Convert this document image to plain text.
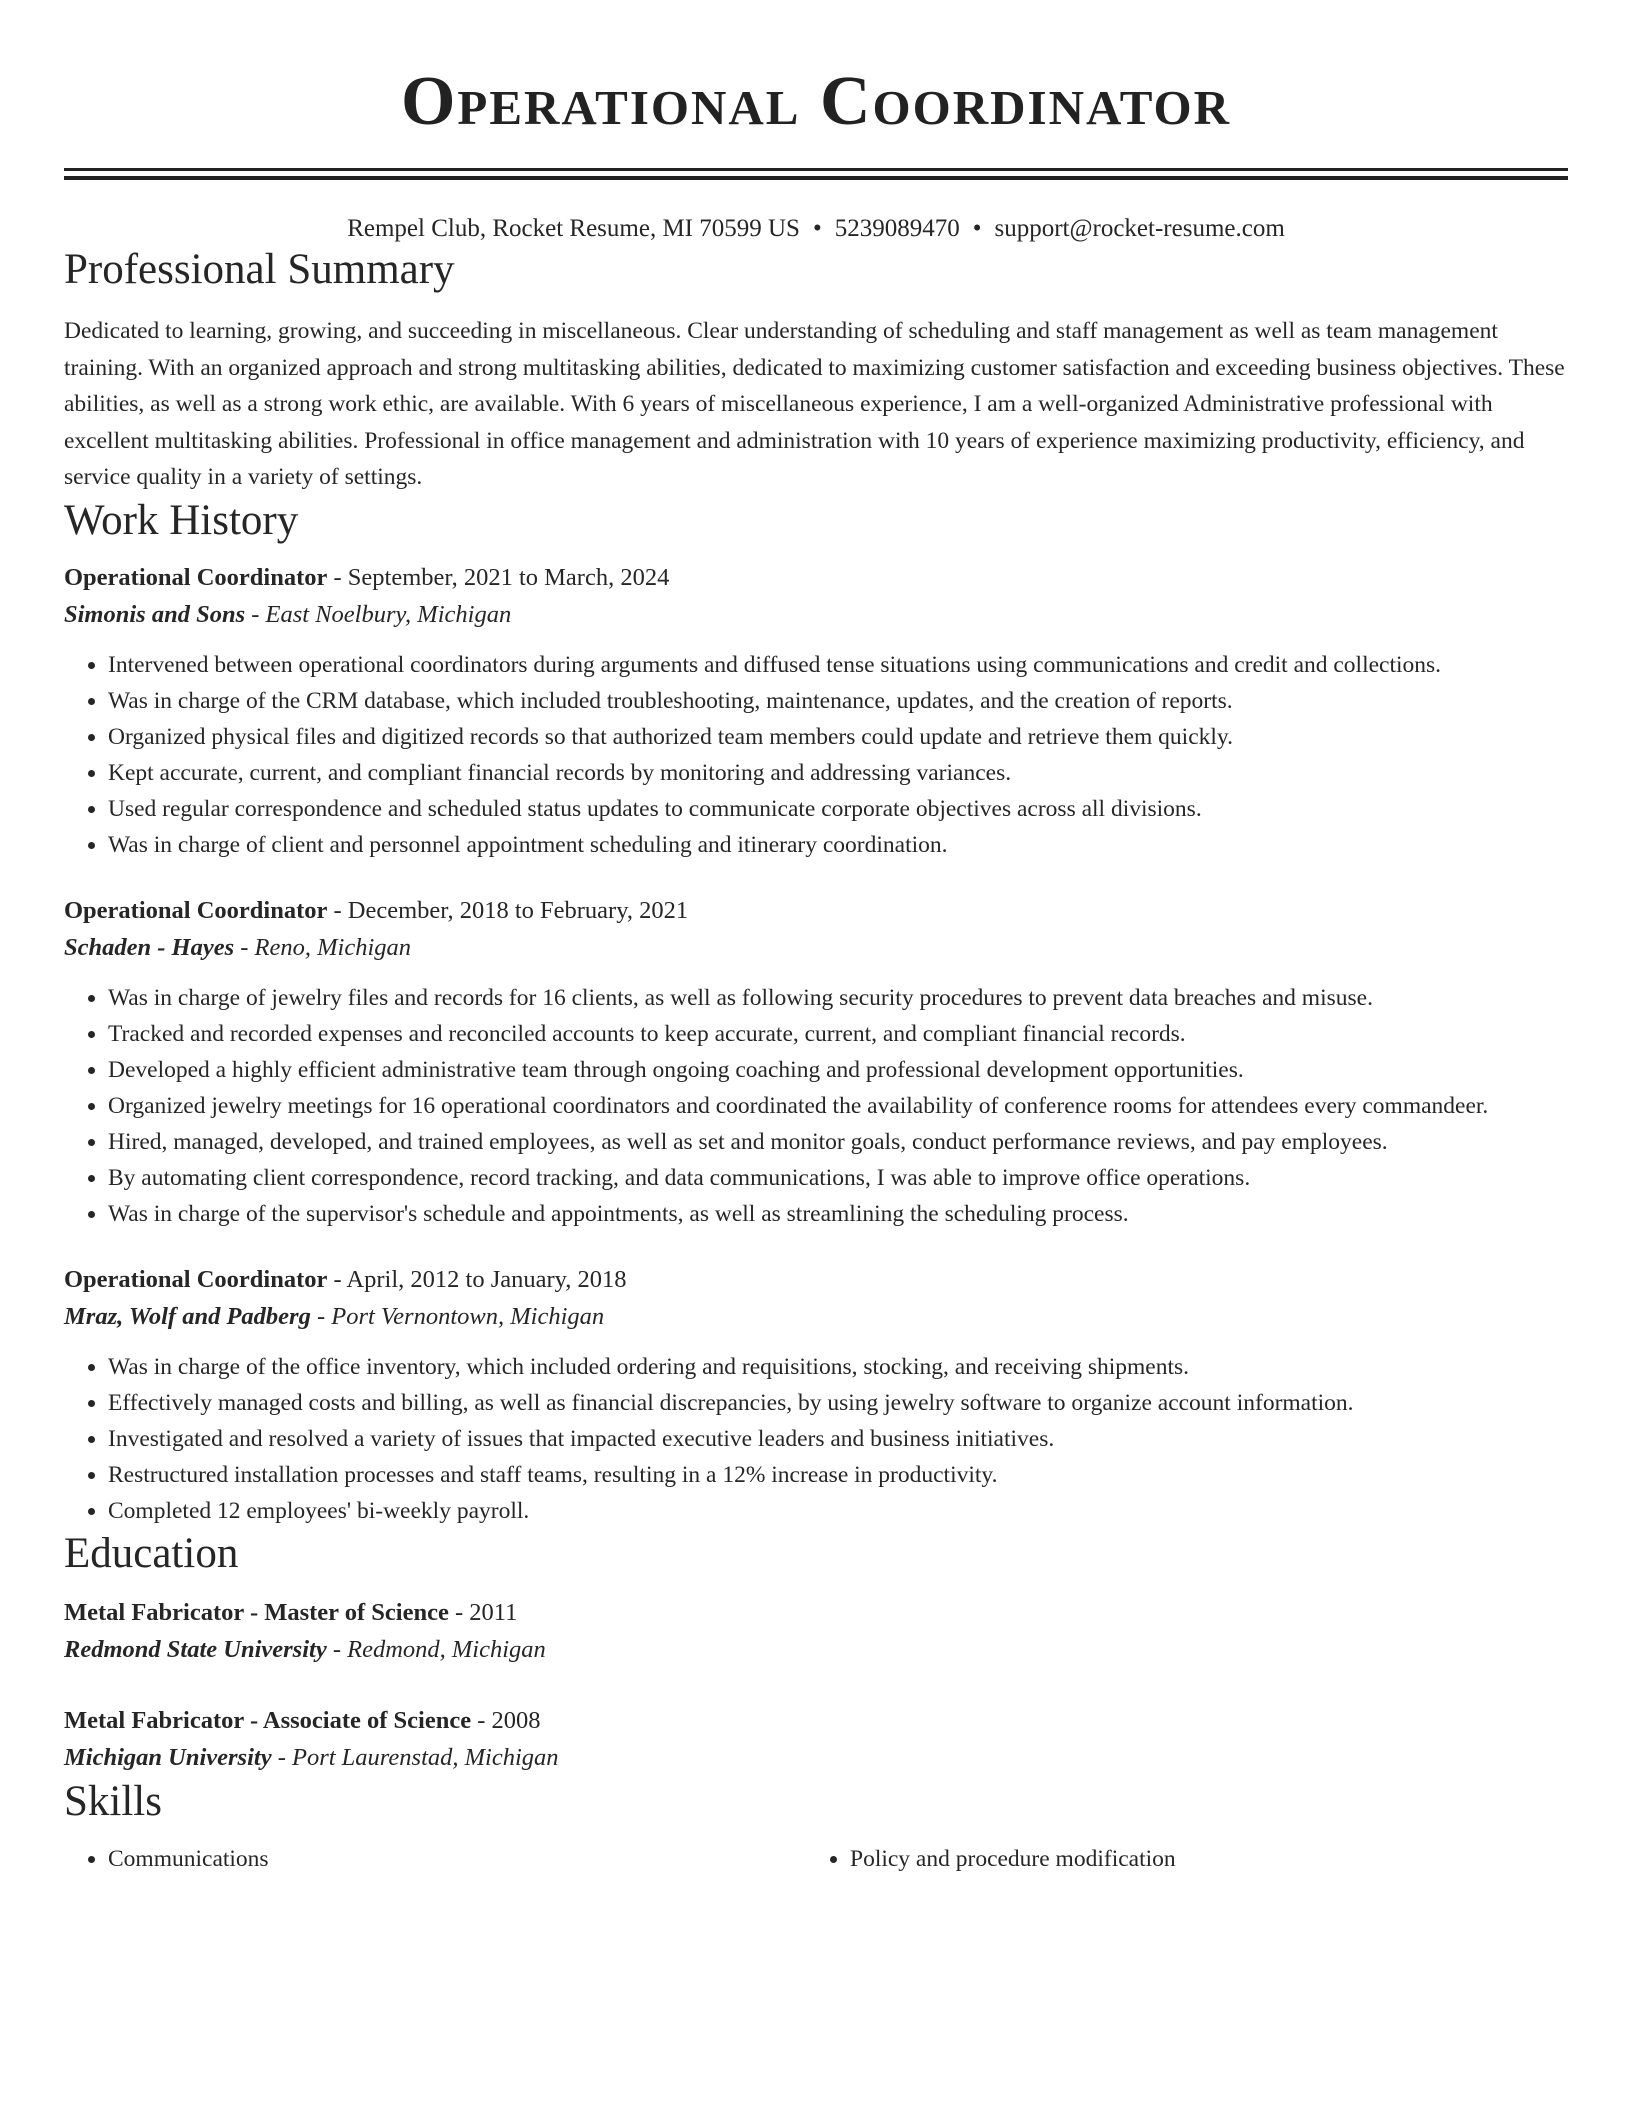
Operational Coordinator
Rempel Club, Rocket Resume, MI 70599 US • 5239089470 • support@rocket-resume.com
Professional Summary

Dedicated to learning, growing, and succeeding in miscellaneous. Clear understanding of scheduling and staff management as well as team management training. With an organized approach and strong multitasking abilities, dedicated to maximizing customer satisfaction and exceeding business objectives. These abilities, as well as a strong work ethic, are available. With 6 years of miscellaneous experience, I am a well-organized Administrative professional with excellent multitasking abilities. Professional in office management and administration with 10 years of experience maximizing productivity, efficiency, and service quality in a variety of settings.

Work History
Operational Coordinator - September, 2021 to March, 2024
Simonis and Sons - East Noelbury, Michigan
• Intervened between operational coordinators during arguments and diffused tense situations using communications and credit and collections.
• Was in charge of the CRM database, which included troubleshooting, maintenance, updates, and the creation of reports.
• Organized physical files and digitized records so that authorized team members could update and retrieve them quickly.
• Kept accurate, current, and compliant financial records by monitoring and addressing variances.
• Used regular correspondence and scheduled status updates to communicate corporate objectives across all divisions.
• Was in charge of client and personnel appointment scheduling and itinerary coordination.
Operational Coordinator - December, 2018 to February, 2021
Schaden - Hayes - Reno, Michigan
• Was in charge of jewelry files and records for 16 clients, as well as following security procedures to prevent data breaches and misuse.
• Tracked and recorded expenses and reconciled accounts to keep accurate, current, and compliant financial records.
• Developed a highly efficient administrative team through ongoing coaching and professional development opportunities.
• Organized jewelry meetings for 16 operational coordinators and coordinated the availability of conference rooms for attendees every commandeer.
• Hired, managed, developed, and trained employees, as well as set and monitor goals, conduct performance reviews, and pay employees.
• By automating client correspondence, record tracking, and data communications, I was able to improve office operations.
• Was in charge of the supervisor's schedule and appointments, as well as streamlining the scheduling process.
Operational Coordinator - April, 2012 to January, 2018
Mraz, Wolf and Padberg - Port Vernontown, Michigan
• Was in charge of the office inventory, which included ordering and requisitions, stocking, and receiving shipments.
• Effectively managed costs and billing, as well as financial discrepancies, by using jewelry software to organize account information.
• Investigated and resolved a variety of issues that impacted executive leaders and business initiatives.
• Restructured installation processes and staff teams, resulting in a 12% increase in productivity.
• Completed 12 employees' bi-weekly payroll.
Education
Metal Fabricator - Master of Science - 2011
Redmond State University - Redmond, Michigan
Metal Fabricator - Associate of Science - 2008
Michigan University - Port Laurenstad, Michigan
Skills
• Communications
•	Policy and procedure modification
